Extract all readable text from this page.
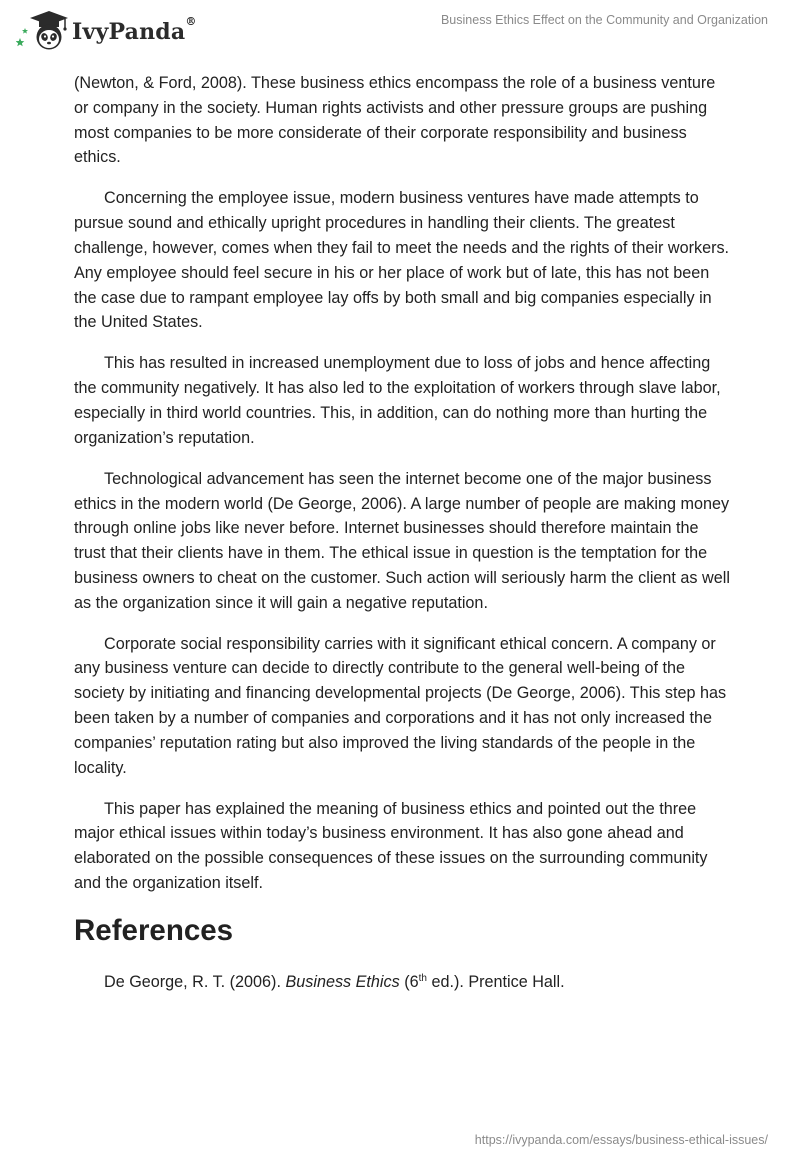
IvyPanda®	Business Ethics Effect on the Community and Organization

(Newton, & Ford, 2008). These business ethics encompass the role of a business venture or company in the society. Human rights activists and other pressure groups are pushing most companies to be more considerate of their corporate responsibility and business ethics.

Concerning the employee issue, modern business ventures have made attempts to pursue sound and ethically upright procedures in handling their clients. The greatest challenge, however, comes when they fail to meet the needs and the rights of their workers. Any employee should feel secure in his or her place of work but of late, this has not been the case due to rampant employee lay offs by both small and big companies especially in the United States.

This has resulted in increased unemployment due to loss of jobs and hence affecting the community negatively. It has also led to the exploitation of workers through slave labor, especially in third world countries. This, in addition, can do nothing more than hurting the organization’s reputation.

Technological advancement has seen the internet become one of the major business ethics in the modern world (De George, 2006). A large number of people are making money through online jobs like never before. Internet businesses should therefore maintain the trust that their clients have in them. The ethical issue in question is the temptation for the business owners to cheat on the customer. Such action will seriously harm the client as well as the organization since it will gain a negative reputation.

Corporate social responsibility carries with it significant ethical concern. A company or any business venture can decide to directly contribute to the general well-being of the society by initiating and financing developmental projects (De George, 2006). This step has been taken by a number of companies and corporations and it has not only increased the companies’ reputation rating but also improved the living standards of the people in the locality.

This paper has explained the meaning of business ethics and pointed out the three major ethical issues within today’s business environment. It has also gone ahead and elaborated on the possible consequences of these issues on the surrounding community and the organization itself.

References

De George, R. T. (2006). Business Ethics (6th ed.). Prentice Hall.

https://ivypanda.com/essays/business-ethical-issues/
